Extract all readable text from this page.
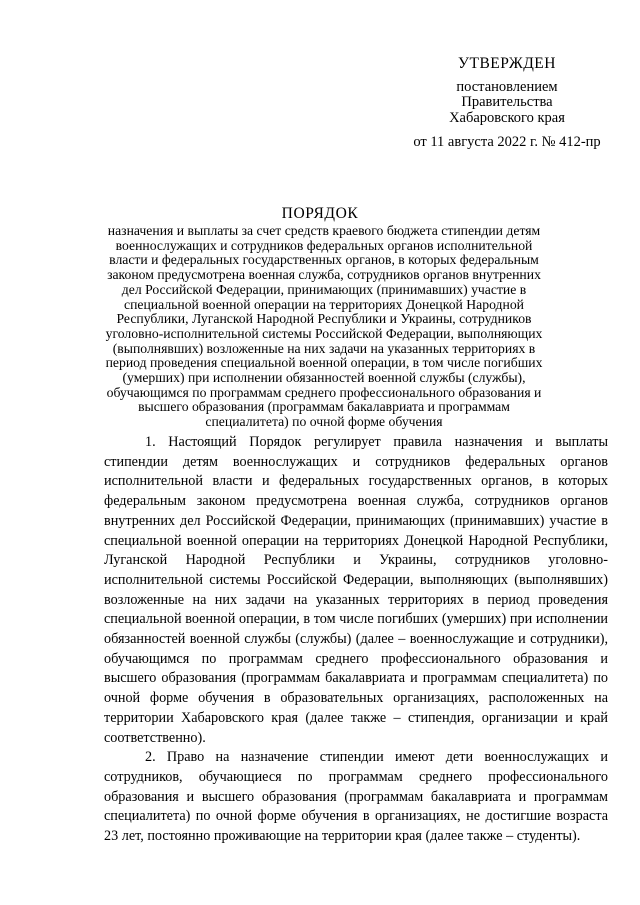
УТВЕРЖДЕН
постановлением
Правительства
Хабаровского края
от 11 августа 2022 г. № 412-пр
ПОРЯДОК
назначения и выплаты за счет средств краевого бюджета стипендии детям военнослужащих и сотрудников федеральных органов исполнительной власти и федеральных государственных органов, в которых федеральным законом предусмотрена военная служба, сотрудников органов внутренних дел Российской Федерации, принимающих (принимавших) участие в специальной военной операции на территориях Донецкой Народной Республики, Луганской Народной Республики и Украины, сотрудников уголовно-исполнительной системы Российской Федерации, выполняющих (выполнявших) возложенные на них задачи на указанных территориях в период проведения специальной военной операции, в том числе погибших (умерших) при исполнении обязанностей военной службы (службы), обучающимся по программам среднего профессионального образования и высшего образования (программам бакалавриата и программам специалитета) по очной форме обучения

1. Настоящий Порядок регулирует правила назначения и выплаты стипендии детям военнослужащих и сотрудников федеральных органов исполнительной власти и федеральных государственных органов, в которых федеральным законом предусмотрена военная служба, сотрудников органов внутренних дел Российской Федерации, принимающих (принимавших) участие в специальной военной операции на территориях Донецкой Народной Республики, Луганской Народной Республики и Украины, сотрудников уголовно-исполнительной системы Российской Федерации, выполняющих (выполнявших) возложенные на них задачи на указанных территориях в период проведения специальной военной операции, в том числе погибших (умерших) при исполнении обязанностей военной службы (службы) (далее – военнослужащие и сотрудники), обучающимся по программам среднего профессионального образования и высшего образования (программам бакалавриата и программам специалитета) по очной форме обучения в образовательных организациях, расположенных на территории Хабаровского края (далее также – стипендия, организации и край соответственно).

2. Право на назначение стипендии имеют дети военнослужащих и сотрудников, обучающиеся по программам среднего профессионального образования и высшего образования (программам бакалавриата и программам специалитета) по очной форме обучения в организациях, не достигшие возраста 23 лет, постоянно проживающие на территории края (далее также – студенты).
